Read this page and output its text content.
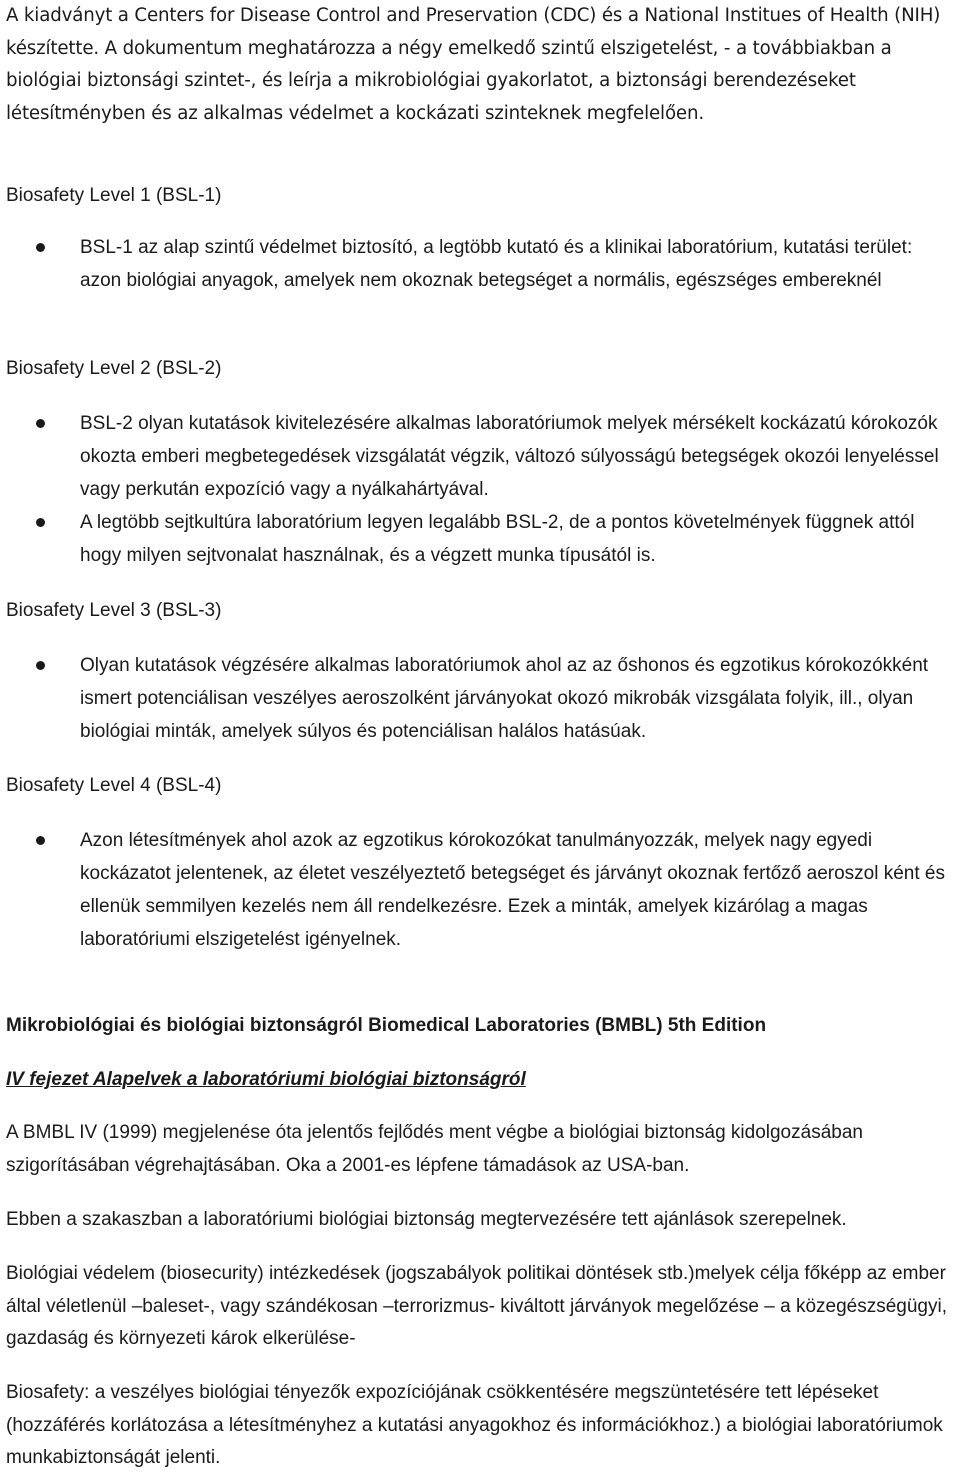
A kiadványt a Centers for Disease Control and Preservation (CDC) és a National Institues of Health (NIH) készítette. A dokumentum meghatározza a négy emelkedő szintű elszigetelést, - a továbbiakban a biológiai biztonsági szintet-, és leírja a mikrobiológiai gyakorlatot, a biztonsági berendezéseket létesítményben és az alkalmas védelmet a kockázati szinteknek megfelelően.
Biosafety Level 1 (BSL-1)
BSL-1 az alap szintű védelmet biztosító, a legtöbb kutató és a klinikai laboratórium, kutatási terület: azon biológiai anyagok, amelyek nem okoznak betegséget a normális, egészséges embereknél
Biosafety Level 2 (BSL-2)
BSL-2 olyan kutatások kivitelezésére alkalmas laboratóriumok melyek mérsékelt kockázatú kórokozók okozta emberi megbetegedések vizsgálatát végzik, változó súlyosságú betegségek okozói lenyeléssel vagy perkután expozíció vagy a nyálkahártyával.
A legtöbb sejtkultúra laboratórium legyen legalább BSL-2, de a pontos követelmények függnek attól hogy milyen sejtvonalat használnak, és a végzett munka típusától is.
Biosafety Level 3 (BSL-3)
Olyan kutatások végzésére alkalmas laboratóriumok ahol az az őshonos és egzotikus kórokozókként ismert potenciálisan veszélyes aeroszolként járványokat okozó mikrobák vizsgálata folyik, ill., olyan biológiai minták, amelyek súlyos és potenciálisan halálos hatásúak.
Biosafety Level 4 (BSL-4)
Azon létesítmények ahol azok az egzotikus kórokozókat tanulmányozzák, melyek nagy egyedi kockázatot jelentenek, az életet veszélyeztető betegséget és járványt okoznak fertőző aeroszol ként és ellenük semmilyen kezelés nem áll rendelkezésre. Ezek a minták, amelyek kizárólag a magas laboratóriumi elszigetelést igényelnek.
Mikrobiológiai és biológiai biztonságról Biomedical Laboratories (BMBL) 5th Edition
IV fejezet Alapelvek a laboratóriumi biológiai biztonságról
A BMBL IV (1999) megjelenése óta jelentős fejlődés ment végbe a biológiai biztonság kidolgozásában szigorításában végrehajtásában. Oka a 2001-es lépfene támadások az USA-ban.
Ebben a szakaszban a laboratóriumi biológiai biztonság megtervezésére tett ajánlások szerepelnek.
Biológiai védelem (biosecurity) intézkedések (jogszabályok politikai döntések stb.)melyek célja főképp az ember által véletlenül –baleset-, vagy szándékosan –terrorizmus- kiváltott járványok megelőzése – a közegészségügyi, gazdaság és környezeti károk elkerülése-
Biosafety: a veszélyes biológiai tényezők expozíciójának csökkentésére megszüntetésére tett lépéseket (hozzáférés korlátozása a létesítményhez a kutatási anyagokhoz és információkhoz.) a biológiai laboratóriumok munkabiztonságát jelenti.
